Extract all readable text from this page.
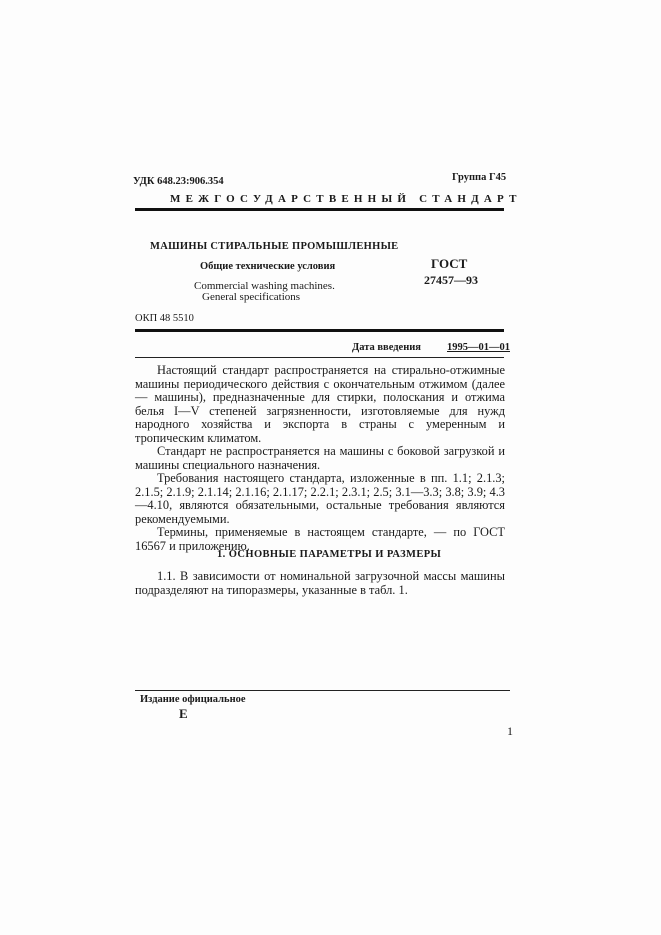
УДК 648.23:906.354	Группа Г45
МЕЖГОСУДАРСТВЕННЫЙ СТАНДАРТ
МАШИНЫ СТИРАЛЬНЫЕ ПРОМЫШЛЕННЫЕ
Общие технические условия
Commercial washing machines.
General specifications
ГОСТ
27457—93
ОКП 48 5510
Дата введения 1995—01—01

Настоящий стандарт распространяется на стирально-отжимные машины периодического действия с окончательным отжимом (далее — машины), предназначенные для стирки, полоскания и отжима белья I—V степеней загрязненности, изготовляемые для нужд народного хозяйства и экспорта в страны с умеренным и тропическим климатом.

Стандарт не распространяется на машины с боковой загрузкой и машины специального назначения.

Требования настоящего стандарта, изложенные в пп. 1.1; 2.1.3; 2.1.5; 2.1.9; 2.1.14; 2.1.16; 2.1.17; 2.2.1; 2.3.1; 2.5; 3.1—3.3; 3.8; 3.9; 4.3—4.10, являются обязательными, остальные требования являются рекомендуемыми.

Термины, применяемые в настоящем стандарте, — по ГОСТ 16567 и приложению.

1. ОСНОВНЫЕ ПАРАМЕТРЫ И РАЗМЕРЫ

1.1. В зависимости от номинальной загрузочной массы машины подразделяют на типоразмеры, указанные в табл. 1.

Издание официальное
Е
1
